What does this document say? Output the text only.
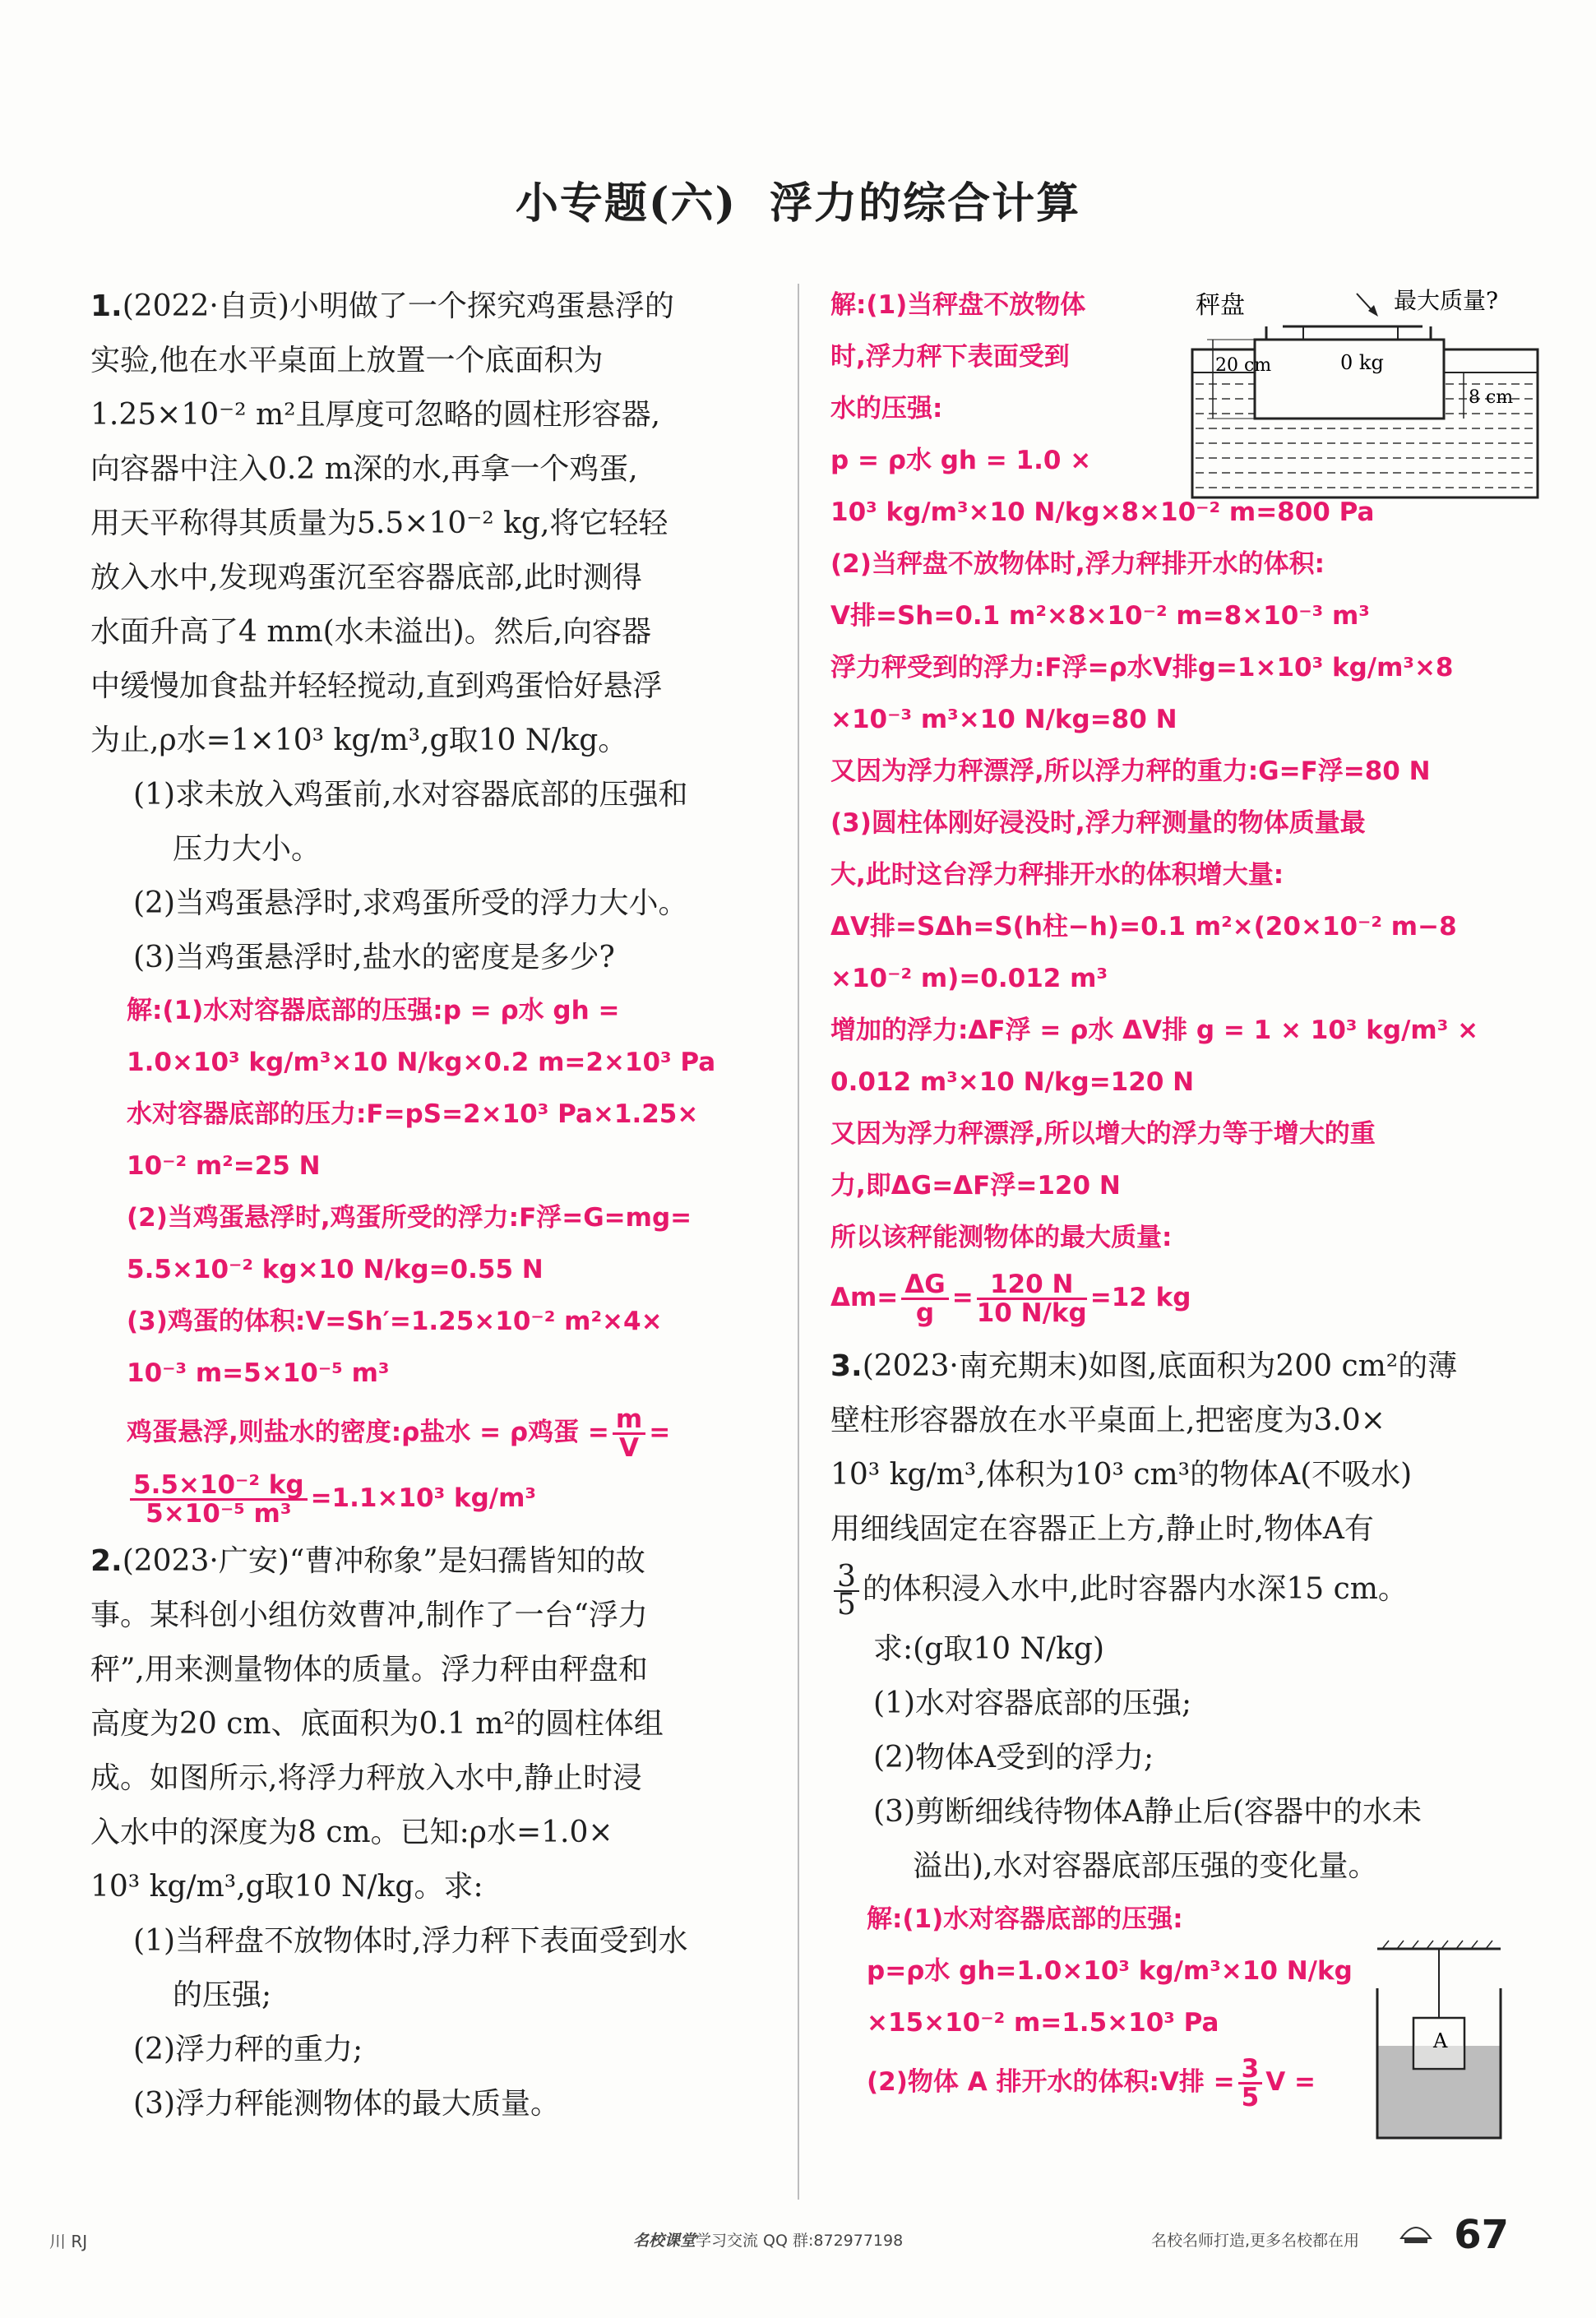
小专题(六) 浮力的综合计算

1.(2022·自贡)小明做了一个探究鸡蛋悬浮的

实验,他在水平桌面上放置一个底面积为

1.25×10⁻² m²且厚度可忽略的圆柱形容器,

向容器中注入0.2 m深的水,再拿一个鸡蛋,

用天平称得其质量为5.5×10⁻² kg,将它轻轻

放入水中,发现鸡蛋沉至容器底部,此时测得

水面升高了4 mm(水未溢出)。然后,向容器

中缓慢加食盐并轻轻搅动,直到鸡蛋恰好悬浮

为止,ρ水=1×10³ kg/m³,g取10 N/kg。

(1)求未放入鸡蛋前,水对容器底部的压强和

压力大小。

(2)当鸡蛋悬浮时,求鸡蛋所受的浮力大小。

(3)当鸡蛋悬浮时,盐水的密度是多少?

解:(1)水对容器底部的压强:p = ρ水 gh =

1.0×10³ kg/m³×10 N/kg×0.2 m=2×10³ Pa

水对容器底部的压力:F=pS=2×10³ Pa×1.25×

10⁻² m²=25 N

(2)当鸡蛋悬浮时,鸡蛋所受的浮力:F浮=G=mg=

5.5×10⁻² kg×10 N/kg=0.55 N

(3)鸡蛋的体积:V=Sh′=1.25×10⁻² m²×4×

10⁻³ m=5×10⁻⁵ m³

鸡蛋悬浮,则盐水的密度:ρ盐水 = ρ鸡蛋 = $\frac{m}{V}$ =

$\frac{\text{5.5×10⁻² kg}}{\text{5×10⁻⁵ m³}} =1.1\times 10^3$ kg/m³

2.(2023·广安)“曹冲称象”是妇孺皆知的故

事。某科创小组仿效曹冲,制作了一台“浮力

秤”,用来测量物体的质量。浮力秤由秤盘和

高度为20 cm、底面积为0.1 m²的圆柱体组

成。如图所示,将浮力秤放入水中,静止时浸

入水中的深度为8 cm。已知:ρ水=1.0×

10³ kg/m³,g取10 N/kg。求:

(1)当秤盘不放物体时,浮力秤下表面受到水

的压强;

(2)浮力秤的重力;

(3)浮力秤能测物体的最大质量。

解:(1)当秤盘不放物体

时,浮力秤下表面受到

水的压强:

p = ρ水 gh = 1.0 ×

10³ kg/m³×10 N/kg×8×10⁻² m=800 Pa

(2)当秤盘不放物体时,浮力秤排开水的体积:

V排=Sh=0.1 m²×8×10⁻² m=8×10⁻³ m³

浮力秤受到的浮力:F浮=ρ水V排g=1×10³ kg/m³×8

×10⁻³ m³×10 N/kg=80 N

又因为浮力秤漂浮,所以浮力秤的重力:G=F浮=80 N

(3)圆柱体刚好浸没时,浮力秤测量的物体质量最

大,此时这台浮力秤排开水的体积增大量:

ΔV排=SΔh=S(h柱−h)=0.1 m²×(20×10⁻² m−8

×10⁻² m)=0.012 m³

增加的浮力:ΔF浮 = ρ水 ΔV排 g = 1 × 10³ kg/m³ ×

0.012 m³×10 N/kg=120 N

又因为浮力秤漂浮,所以增大的浮力等于增大的重

力,即ΔG=ΔF浮=120 N

所以该秤能测物体的最大质量:

$\Delta m= \frac{\Delta G}{g} = \frac{120 N}{10 N/kg} =12$ kg

3.(2023·南充期末)如图,底面积为200 cm²的薄

壁柱形容器放在水平桌面上,把密度为3.0×

10³ kg/m³,体积为10³ cm³的物体A(不吸水)

用细线固定在容器正上方,静止时,物体A有

$\frac{3}{5}$ 的体积浸入水中,此时容器内水深15 cm。

求:(g取10 N/kg)

(1)水对容器底部的压强;

(2)物体A受到的浮力;

(3)剪断细线待物体A静止后(容器中的水未

溢出),水对容器底部压强的变化量。

解:(1)水对容器底部的压强:

p=ρ水 gh=1.0×10³ kg/m³×10 N/kg

×15×10⁻² m=1.5×10³ Pa

(2)物体 A 排开水的体积:V排 = $\frac{3}{5}$ V =

秤盘	最大质量?
20 cm	0 kg
8 cm
A
川 RJ	名校课堂学习交流 QQ 群:872977198	名校名师打造,更多名校都在用 67
